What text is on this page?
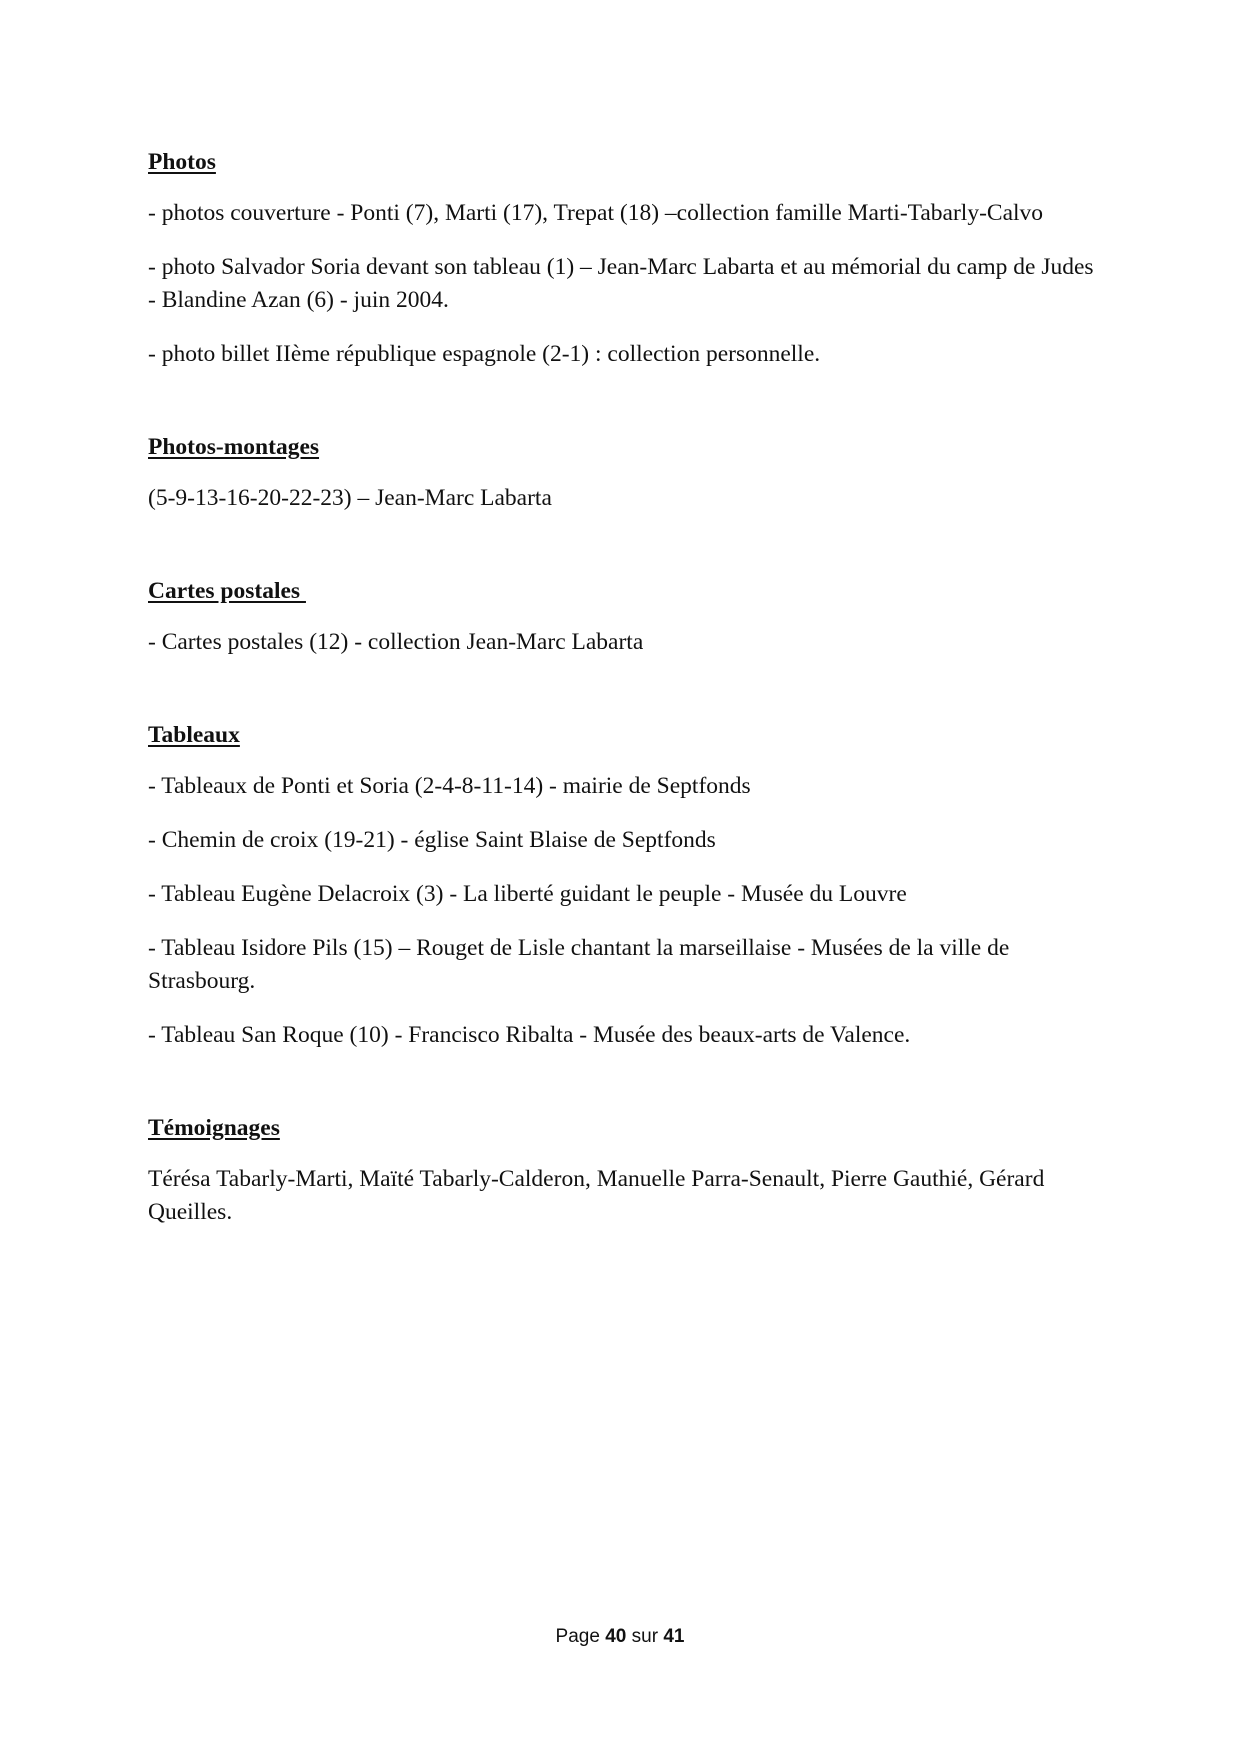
Photos
- photos couverture - Ponti (7), Marti (17), Trepat (18) –collection famille Marti-Tabarly-Calvo
- photo Salvador Soria devant son tableau (1) – Jean-Marc Labarta et au mémorial du camp de Judes - Blandine Azan (6) - juin 2004.
- photo billet IIème république espagnole (2-1) : collection personnelle.
Photos-montages
(5-9-13-16-20-22-23) – Jean-Marc Labarta
Cartes postales
- Cartes postales (12) - collection Jean-Marc Labarta
Tableaux
- Tableaux de Ponti et Soria (2-4-8-11-14) - mairie de Septfonds
- Chemin de croix (19-21) - église Saint Blaise de Septfonds
- Tableau Eugène Delacroix (3) - La liberté guidant le peuple - Musée du Louvre
- Tableau Isidore Pils (15) – Rouget de Lisle chantant la marseillaise - Musées de la ville de Strasbourg.
- Tableau San Roque (10) - Francisco Ribalta - Musée des beaux-arts de Valence.
Témoignages
Térésa Tabarly-Marti, Maïté Tabarly-Calderon, Manuelle Parra-Senault, Pierre Gauthié, Gérard Queilles.
Page 40 sur 41
